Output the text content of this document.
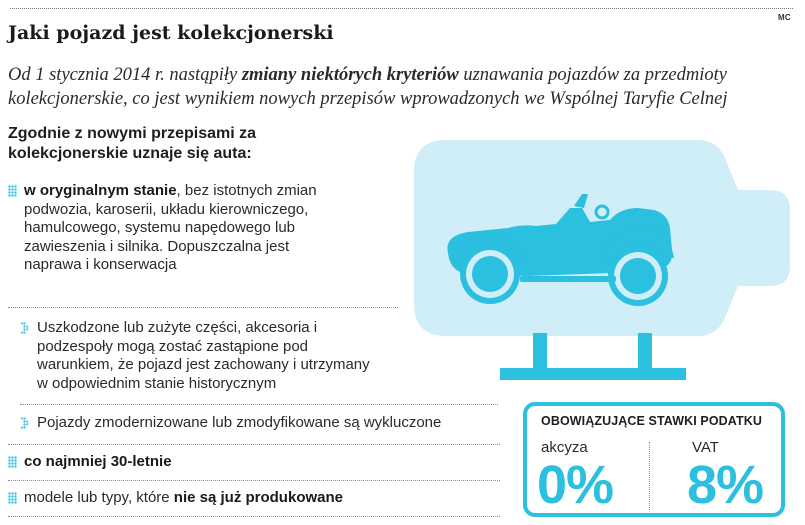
MC
Jaki pojazd jest kolekcjonerski

Od 1 stycznia 2014 r. nastąpiły zmiany niektórych kryteriów uznawania pojazdów za przedmioty kolekcjonerskie, co jest wynikiem nowych przepisów wprowadzonych we Wspólnej Taryfie Celnej

Zgodnie z nowymi przepisami za kolekcjonerskie uznaje się auta:
w oryginalnym stanie, bez istotnych zmian podwozia, karoserii, układu kierowniczego, hamulcowego, systemu napędowego lub zawieszenia i silnika. Dopuszczalna jest naprawa i konserwacja
Uszkodzone lub zużyte części, akcesoria i podzespoły mogą zostać zastąpione pod warunkiem, że pojazd jest zachowany i utrzymany w odpowiednim stanie historycznym
Pojazdy zmodernizowane lub zmodyfikowane są wykluczone
co najmniej 30-letnie
modele lub typy, które nie są już produkowane
OBOWIĄZUJĄCE STAWKI PODATKU
akcyza
0%
VAT
8%
